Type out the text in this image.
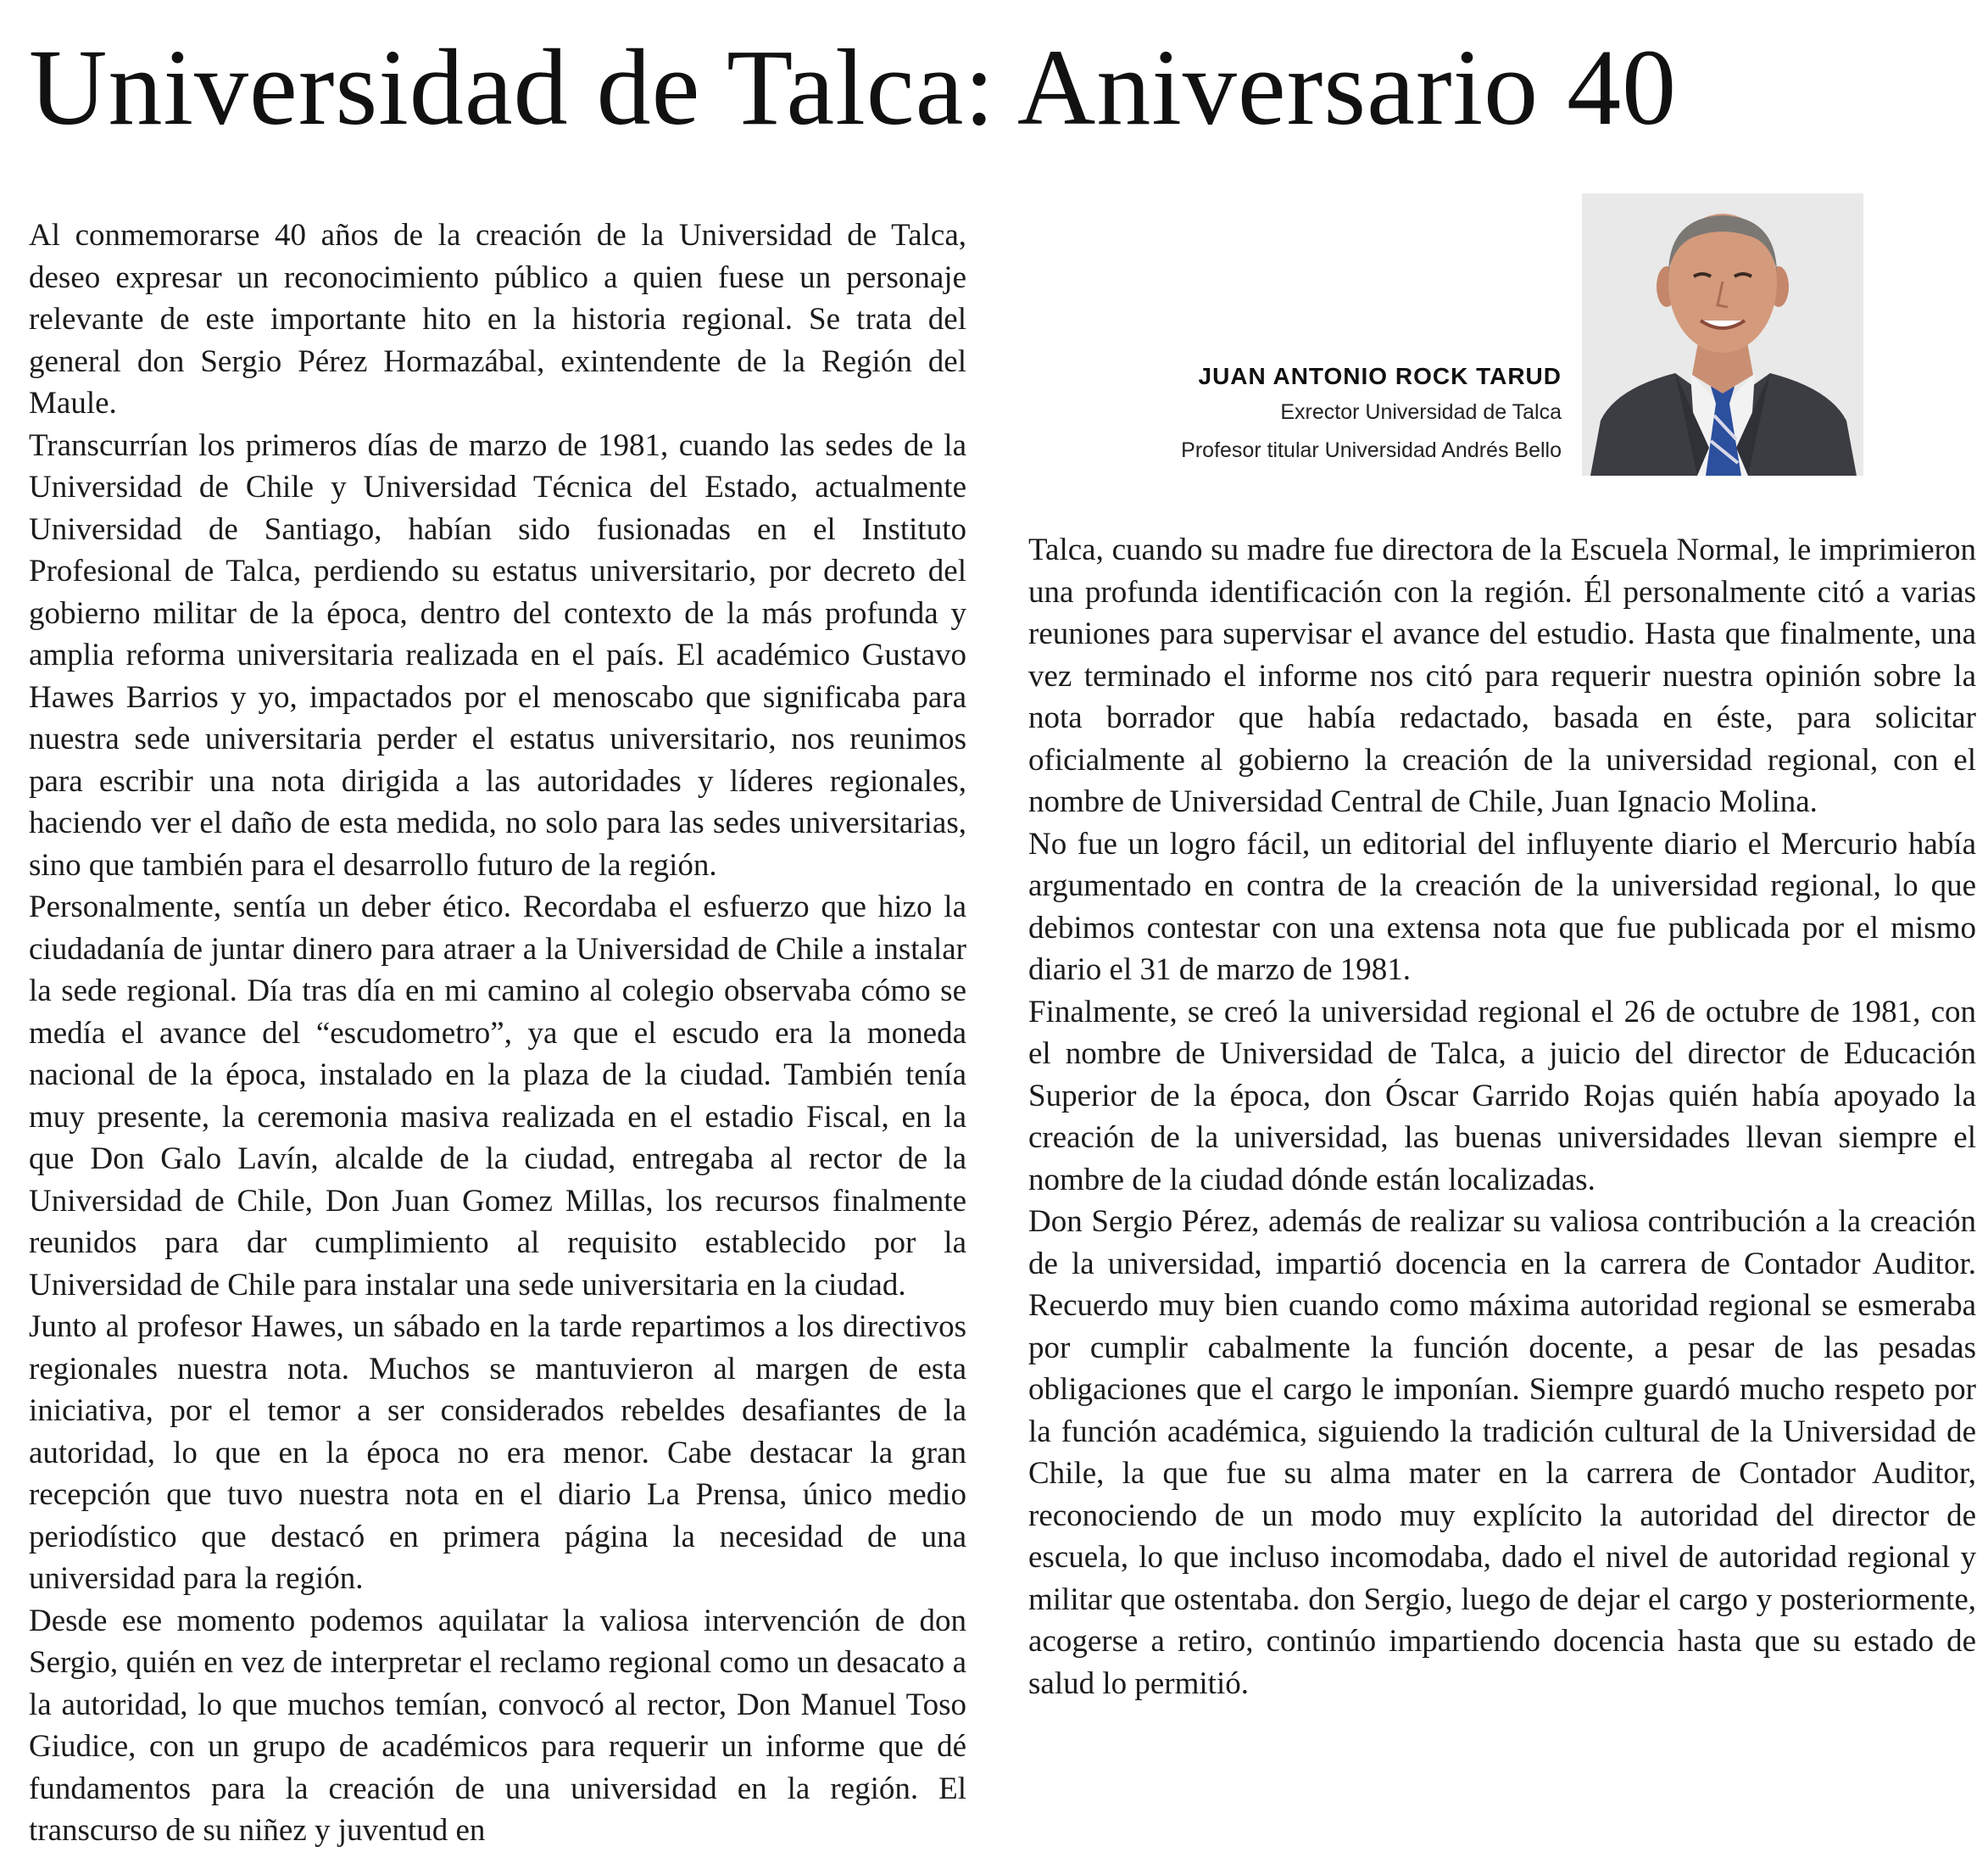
Universidad de Talca: Aniversario 40
JUAN ANTONIO ROCK TARUD
Exrector Universidad de Talca
Profesor titular Universidad Andrés Bello

Al conmemorarse 40 años de la creación de la Universidad de Talca, deseo expresar un reconocimiento público a quien fuese un personaje relevante de este importante hito en la historia regional. Se trata del general don Sergio Pérez Hormazábal, exintendente de la Región del Maule.

Transcurrían los primeros días de marzo de 1981, cuando las sedes de la Universidad de Chile y Universidad Técnica del Estado, actualmente Universidad de Santiago, habían sido fusionadas en el Instituto Profesional de Talca, perdiendo su estatus universitario, por decreto del gobierno militar de la época, dentro del contexto de la más profunda y amplia reforma universitaria realizada en el país. El académico Gustavo Hawes Barrios y yo, impactados por el menoscabo que significaba para nuestra sede universitaria perder el estatus universitario, nos reunimos para escribir una nota dirigida a las autoridades y líderes regionales, haciendo ver el daño de esta medida, no solo para las sedes universitarias, sino que también para el desarrollo futuro de la región.

Personalmente, sentía un deber ético. Recordaba el esfuerzo que hizo la ciudadanía de juntar dinero para atraer a la Universidad de Chile a instalar la sede regional. Día tras día en mi camino al colegio observaba cómo se medía el avance del “escudometro”, ya que el escudo era la moneda nacional de la época, instalado en la plaza de la ciudad. También tenía muy presente, la ceremonia masiva realizada en el estadio Fiscal, en la que Don Galo Lavín, alcalde de la ciudad, entregaba al rector de la Universidad de Chile, Don Juan Gomez Millas, los recursos finalmente reunidos para dar cumplimiento al requisito establecido por la Universidad de Chile para instalar una sede universitaria en la ciudad.

Junto al profesor Hawes, un sábado en la tarde repartimos a los directivos regionales nuestra nota. Muchos se mantuvieron al margen de esta iniciativa, por el temor a ser considerados rebeldes desafiantes de la autoridad, lo que en la época no era menor. Cabe destacar la gran recepción que tuvo nuestra nota en el diario La Prensa, único medio periodístico que destacó en primera página la necesidad de una universidad para la región.

Desde ese momento podemos aquilatar la valiosa intervención de don Sergio, quién en vez de interpretar el reclamo regional como un desacato a la autoridad, lo que muchos temían, convocó al rector, Don Manuel Toso Giudice, con un grupo de académicos para requerir un informe que dé fundamentos para la creación de una universidad en la región. El transcurso de su niñez y juventud en

Talca, cuando su madre fue directora de la Escuela Normal, le imprimieron una profunda identificación con la región. Él personalmente citó a varias reuniones para supervisar el avance del estudio. Hasta que finalmente, una vez terminado el informe nos citó para requerir nuestra opinión sobre la nota borrador que había redactado, basada en éste, para solicitar oficialmente al gobierno la creación de la universidad regional, con el nombre de Universidad Central de Chile, Juan Ignacio Molina.

No fue un logro fácil, un editorial del influyente diario el Mercurio había argumentado en contra de la creación de la universidad regional, lo que debimos contestar con una extensa nota que fue publicada por el mismo diario el 31 de marzo de 1981.

Finalmente, se creó la universidad regional el 26 de octubre de 1981, con el nombre de Universidad de Talca, a juicio del director de Educación Superior de la época, don Óscar Garrido Rojas quién había apoyado la creación de la universidad, las buenas universidades llevan siempre el nombre de la ciudad dónde están localizadas.

Don Sergio Pérez, además de realizar su valiosa contribución a la creación de la universidad, impartió docencia en la carrera de Contador Auditor. Recuerdo muy bien cuando como máxima autoridad regional se esmeraba por cumplir cabalmente la función docente, a pesar de las pesadas obligaciones que el cargo le imponían. Siempre guardó mucho respeto por la función académica, siguiendo la tradición cultural de la Universidad de Chile, la que fue su alma mater en la carrera de Contador Auditor, reconociendo de un modo muy explícito la autoridad del director de escuela, lo que incluso incomodaba, dado el nivel de autoridad regional y militar que ostentaba. don Sergio, luego de dejar el cargo y posteriormente, acogerse a retiro, continúo impartiendo docencia hasta que su estado de salud lo permitió.
